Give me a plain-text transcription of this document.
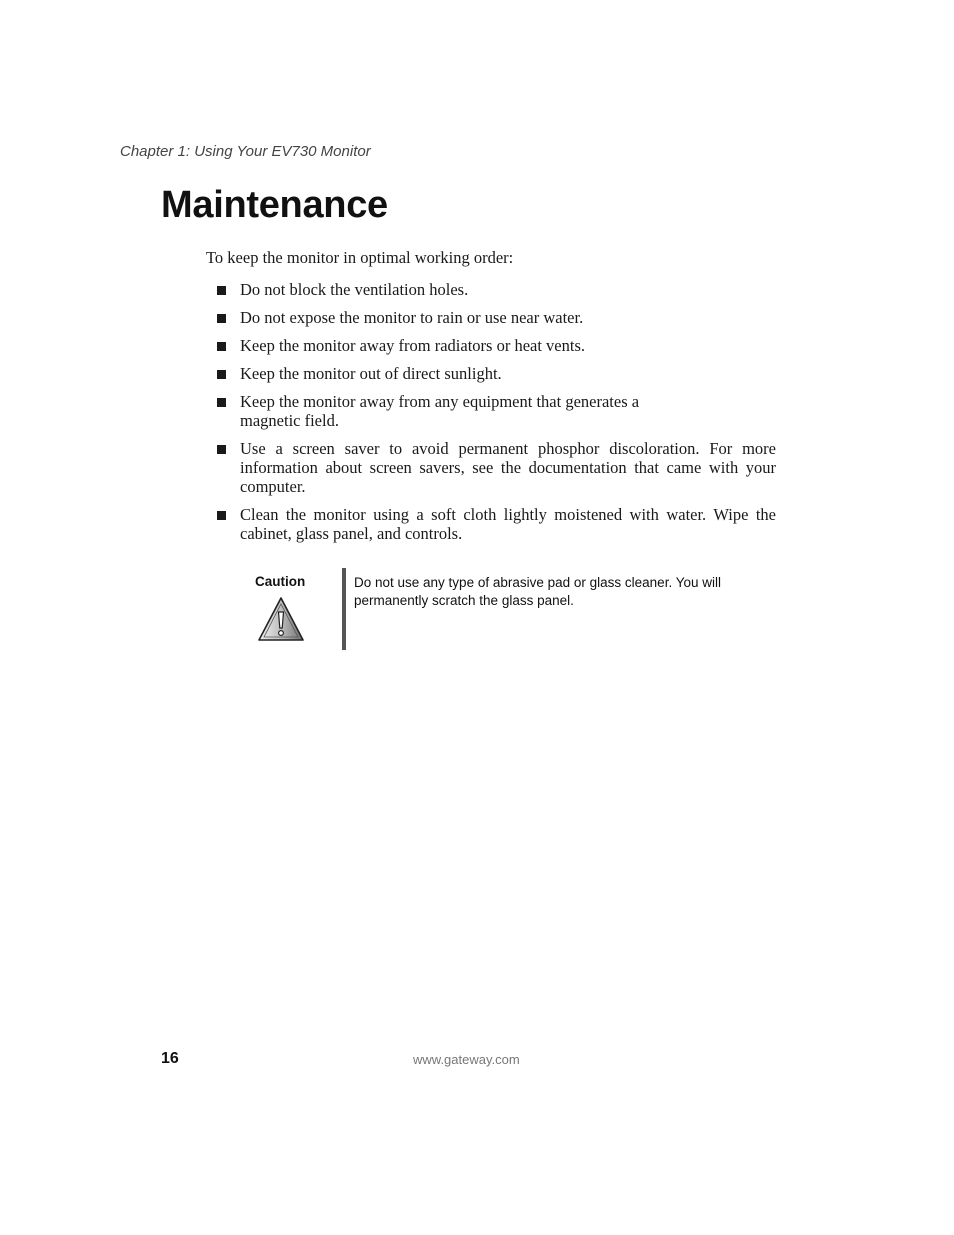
Chapter 1: Using Your EV730 Monitor
Maintenance

To keep the monitor in optimal working order:

Do not block the ventilation holes.
Do not expose the monitor to rain or use near water.
Keep the monitor away from radiators or heat vents.
Keep the monitor out of direct sunlight.
Keep the monitor away from any equipment that generates a magnetic field.
Use a screen saver to avoid permanent phosphor discoloration. For more information about screen savers, see the documentation that came with your computer.
Clean the monitor using a soft cloth lightly moistened with water. Wipe the cabinet, glass panel, and controls.
Caution	Do not use any type of abrasive pad or glass cleaner. You will permanently scratch the glass panel.

16	www.gateway.com
